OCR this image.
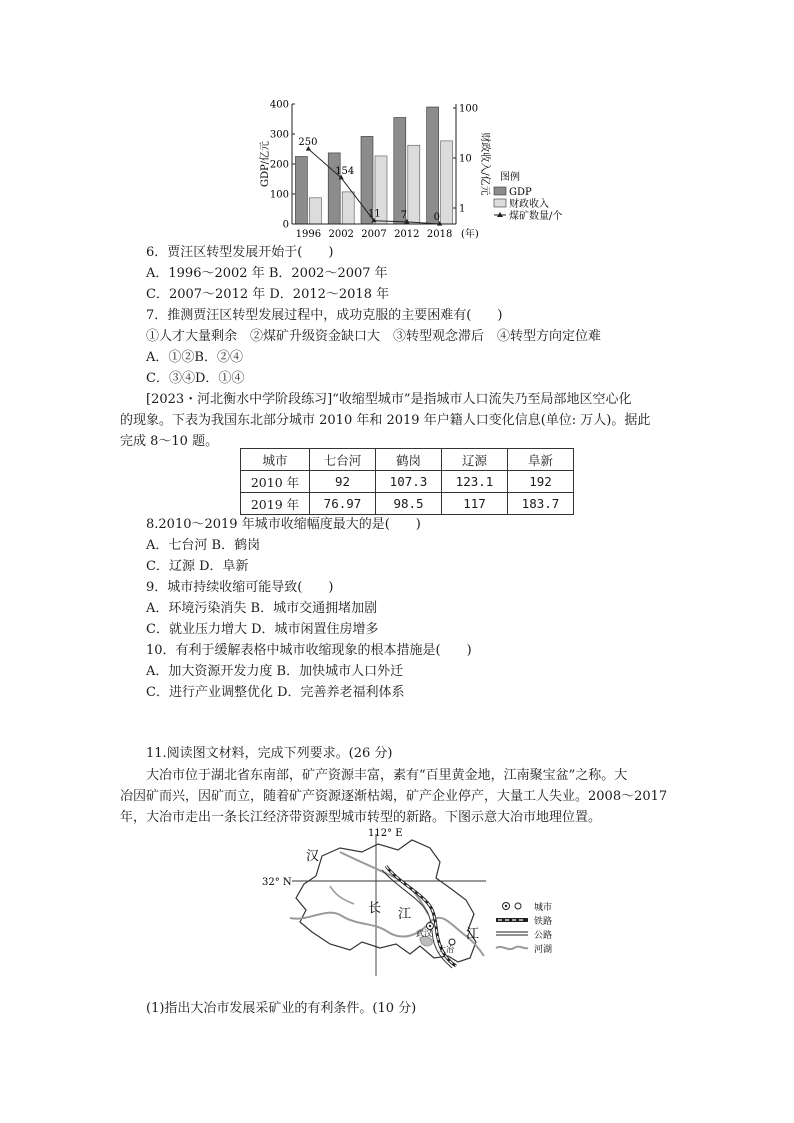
250
154
11 7	0
0
100
200
300
400
1
10
100
1996 2002 2007 2012 2018 (年)
GDP/亿元	财政收入/亿元 图例
GDP
财政收入
煤矿数量/个
6．贾汪区转型发展开始于(　　)
A．1996～2002 年 B．2002～2007 年
C．2007～2012 年 D．2012～2018 年
7．推测贾汪区转型发展过程中，成功克服的主要困难有(　　)
①人才大量剩余　②煤矿升级资金缺口大　③转型观念滞后　④转型方向定位难
A．①②B．②④
C．③④D．①④
[2023・河北衡水中学阶段练习]“收缩型城市”是指城市人口流失乃至局部地区空心化
的现象。下表为我国东北部分城市 2010 年和 2019 年户籍人口变化信息(单位: 万人)。据此
完成 8～10 题。
城市	七台河	鹤岗	辽源	阜新
2010 年	92	107.3	123.1	192
2019 年	76.97	98.5	117	183.7
8.2010～2019 年城市收缩幅度最大的是(　　)
A．七台河 B．鹤岗
C．辽源 D．阜新
9．城市持续收缩可能导致(　　)
A．环境污染消失 B．城市交通拥堵加剧
C．就业压力增大 D．城市闲置住房增多
10．有利于缓解表格中城市收缩现象的根本措施是(　　)
A．加大资源开发力度 B．加快城市人口外迁
C．进行产业调整优化 D．完善养老福利体系
11.阅读图文材料，完成下列要求。(26 分)
大冶市位于湖北省东南部，矿产资源丰富，素有“百里黄金地，江南聚宝盆”之称。大
冶因矿而兴，因矿而立，随着矿产资源逐渐枯竭，矿产企业停产，大量工人失业。2008～2017
年，大冶市走出一条长江经济带资源型城市转型的新路。下图示意大冶市地理位置。
112° E
32° N
武汉
大冶
汉
长 江
江
城市
铁路
公路
河湖
(1)指出大冶市发展采矿业的有利条件。(10 分)
